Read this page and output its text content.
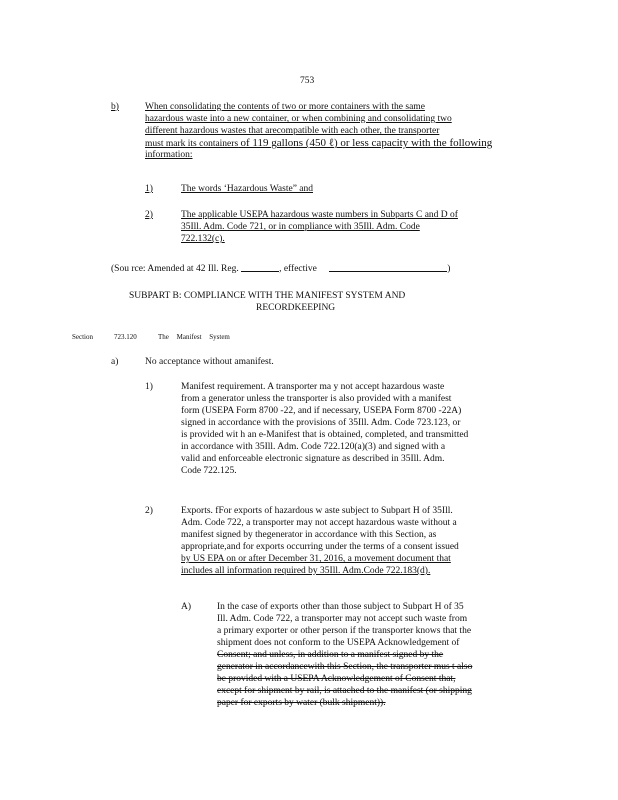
753
b)	When consolidating the contents of two or more containers with the same
hazardous waste into a new container, or when combining and consolidating two
different hazardous wastes that arecompatible with each other, the transporter
must mark its containers of 119 gallons (450 ℓ) or less capacity with the following
information:
1)	The words ‘Hazardous Waste” and
2)	The applicable USEPA hazardous waste numbers in Subparts C and D of
35Ill. Adm. Code 721, or in compliance with 35Ill. Adm. Code
722.132(c).
(Sou rce: Amended at 42 Ill. Reg.	, effective	)
SUBPART B: COMPLIANCE WITH THE MANIFEST SYSTEM AND
RECORDKEEPING
Section	723.120	The Manifest System
a)	No acceptance without amanifest.
1)	Manifest requirement. A transporter ma y not accept hazardous waste
from a generator unless the transporter is also provided with a manifest
form (USEPA Form 8700 -22, and if necessary, USEPA Form 8700 -22A)
signed in accordance with the provisions of 35Ill. Adm. Code 723.123, or
is provided wit h an e-Manifest that is obtained, completed, and transmitted
in accordance with 35Ill. Adm. Code 722.120(a)(3) and signed with a
valid and enforceable electronic signature as described in 35Ill. Adm.
Code 722.125.
2)	Exports. fFor exports of hazardous w aste subject to Subpart H of 35Ill.
Adm. Code 722, a transporter may not accept hazardous waste without a
manifest signed by thegenerator in accordance with this Section, as
appropriate,and for exports occurring under the terms of a consent issued
by US EPA on or after December 31, 2016, a movement document that
includes all information required by 35Ill. Adm.Code 722.183(d).
A)	In the case of exports other than those subject to Subpart H of 35
Ill. Adm. Code 722, a transporter may not accept such waste from
a primary exporter or other person if the transporter knows that the
shipment does not conform to the USEPA Acknowledgement of
Consent; and unless, in addition to a manifest signed by the
generator in accordancewith this Section, the transporter mus t also
be provided with a USEPA Acknowledgement of Consent that,
except for shipment by rail, is attached to the manifest (or shipping
paper for exports by water (bulk shipment)).
